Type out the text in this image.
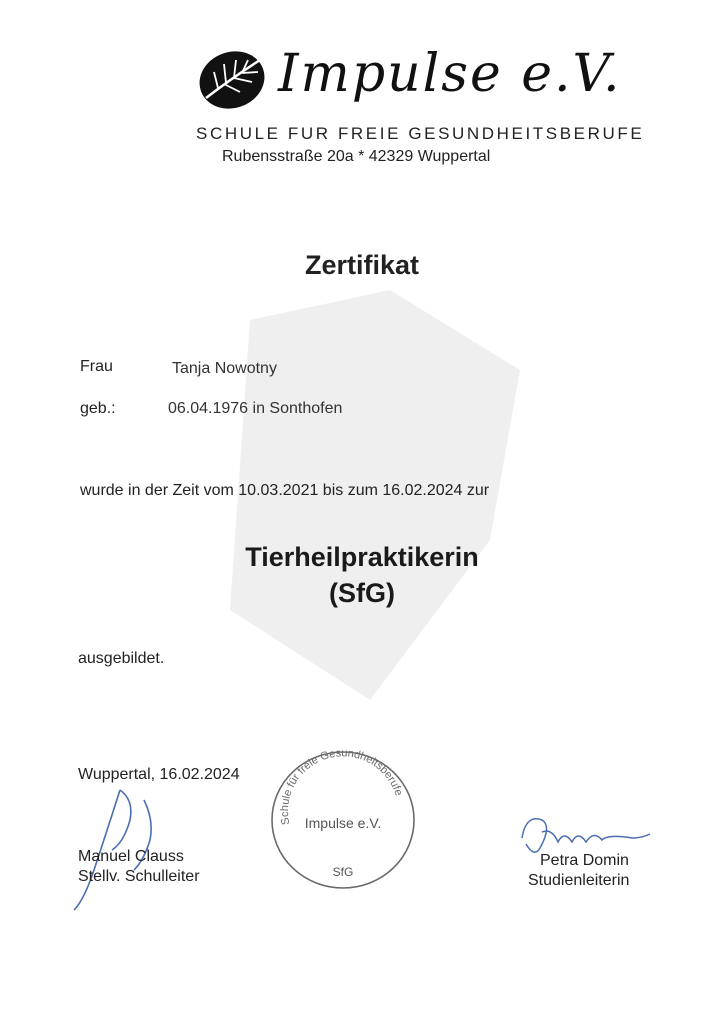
Impulse e.V.
SCHULE FUR FREIE GESUNDHEITSBERUFE
Rubensstraße 20a * 42329 Wuppertal
Zertifikat
Frau	Tanja Nowotny
geb.:	06.04.1976 in Sonthofen
wurde in der Zeit vom 10.03.2021 bis zum 16.02.2024 zur
Tierheilpraktikerin
(SfG)
ausgebildet.
Wuppertal, 16.02.2024
Manuel Clauss
Stellv. Schulleiter
Schule für freie Gesundheitsberufe
Impulse e.V.
SfG
Petra Domin
Studienleiterin
